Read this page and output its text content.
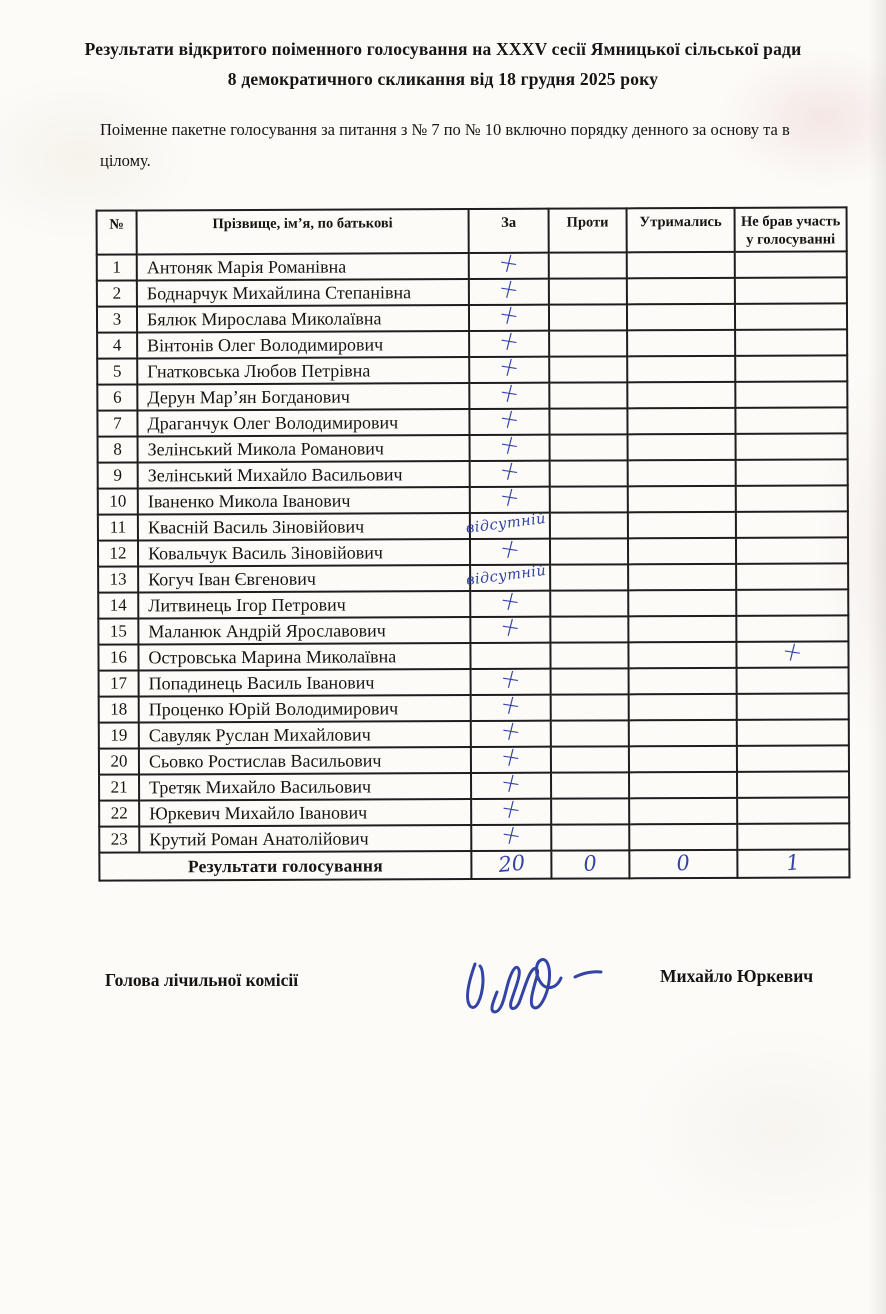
Результати відкритого поіменного голосування на XXXV сесії Ямницької сільської ради
8 демократичного скликання від 18 грудня 2025 року

Поіменне пакетне голосування за питання з № 7 по № 10 включно порядку денного за основу та в цілому.

№	Прізвище, ім’я, по батькові	За	Проти	Утримались	Не брав участь у голосуванні
1	Антоняк Марія Романівна	+			
2	Боднарчук Михайлина Степанівна	+			
3	Бялюк Мирослава Миколаївна	+			
4	Вінтонів Олег Володимирович	+			
5	Гнатковська Любов Петрівна	+			
6	Дерун Мар’ян Богданович	+			
7	Драганчук Олег Володимирович	+			
8	Зелінський Микола Романович	+			
9	Зелінський Михайло Васильович	+			
10	Іваненко Микола Іванович	+			
11	Квасній Василь Зіновійович	відсутній			
12	Ковальчук Василь Зіновійович	+			
13	Когуч Іван Євгенович	відсутній			
14	Литвинець Ігор Петрович	+			
15	Маланюк Андрій Ярославович	+			
16	Островська Марина Миколаївна				+
17	Попадинець Василь Іванович	+			
18	Проценко Юрій Володимирович	+			
19	Савуляк Руслан Михайлович	+			
20	Сьовко Ростислав Васильович	+			
21	Третяк Михайло Васильович	+			
22	Юркевич Михайло Іванович	+			
23	Крутий Роман Анатолійович	+			
Результати голосування		20	0	0	1
Голова лічильної комісії	Михайло Юркевич
